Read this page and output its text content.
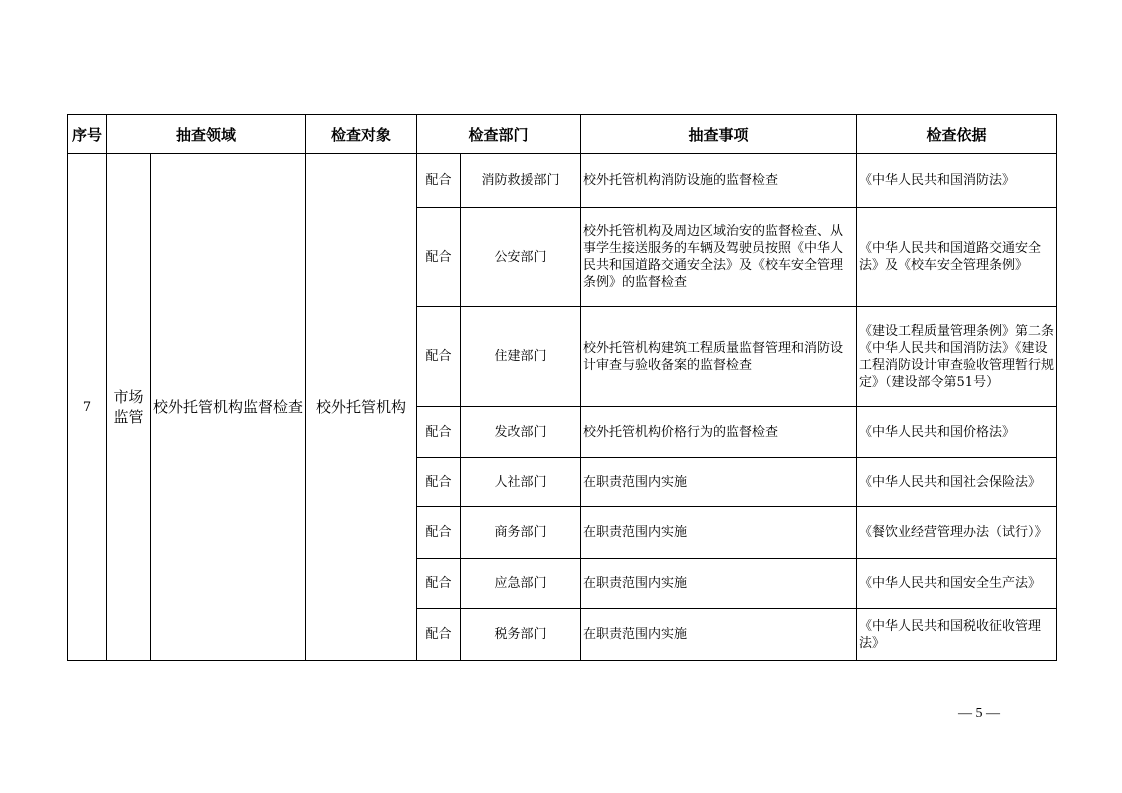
序号	抽查领域		检查对象	检查部门		抽查事项	检查依据
7	市场监管	校外托管机构监督检查	校外托管机构	配合	消防救援部门	校外托管机构消防设施的监督检查	《中华人民共和国消防法》
				配合	公安部门	校外托管机构及周边区域治安的监督检查、从事学生接送服务的车辆及驾驶员按照《中华人民共和国道路交通安全法》及《校车安全管理条例》的监督检查	《中华人民共和国道路交通安全法》及《校车安全管理条例》
				配合	住建部门	校外托管机构建筑工程质量监督管理和消防设计审查与验收备案的监督检查	《建设工程质量管理条例》第二条《中华人民共和国消防法》《建设工程消防设计审查验收管理暂行规定》（建设部令第51号）
				配合	发改部门	校外托管机构价格行为的监督检查	《中华人民共和国价格法》
				配合	人社部门	在职责范围内实施	《中华人民共和国社会保险法》
				配合	商务部门	在职责范围内实施	《餐饮业经营管理办法（试行）》
				配合	应急部门	在职责范围内实施	《中华人民共和国安全生产法》
				配合	税务部门	在职责范围内实施	《中华人民共和国税收征收管理法》
— 5 —
